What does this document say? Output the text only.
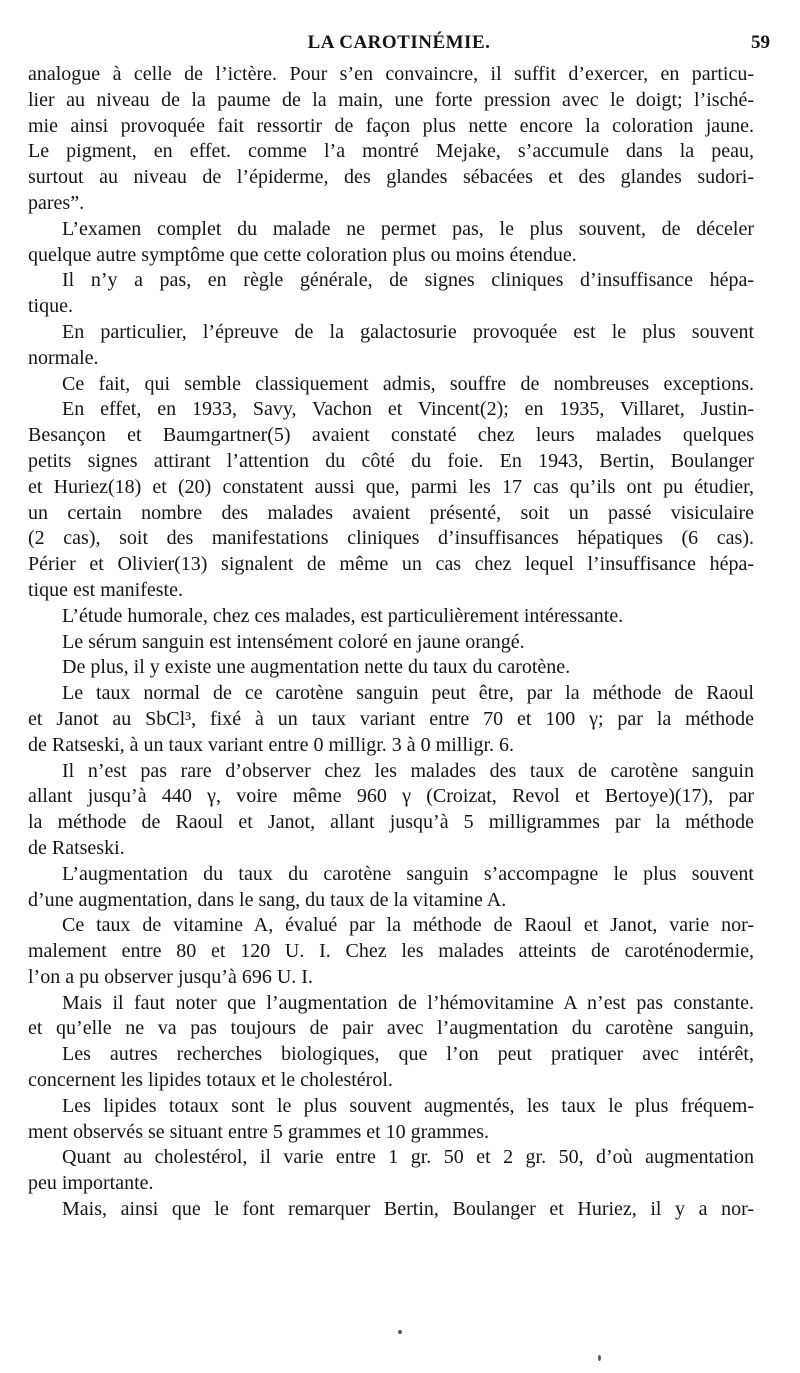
LA CAROTINÉMIE.	59
analogue à celle de l’ictère. Pour s’en convaincre, il suffit d’exercer, en particu-
lier au niveau de la paume de la main, une forte pression avec le doigt; l’isché-
mie ainsi provoquée fait ressortir de façon plus nette encore la coloration jaune.
Le pigment, en effet. comme l’a montré Mejake, s’accumule dans la peau,
surtout au niveau de l’épiderme, des glandes sébacées et des glandes sudori-
pares”.
L’examen complet du malade ne permet pas, le plus souvent, de déceler
quelque autre symptôme que cette coloration plus ou moins étendue.
Il n’y a pas, en règle générale, de signes cliniques d’insuffisance hépa-
tique.
En particulier, l’épreuve de la galactosurie provoquée est le plus souvent
normale.
Ce fait, qui semble classiquement admis, souffre de nombreuses exceptions.
En effet, en 1933, Savy, Vachon et Vincent(2); en 1935, Villaret, Justin-
Besançon et Baumgartner(5) avaient constaté chez leurs malades quelques
petits signes attirant l’attention du côté du foie. En 1943, Bertin, Boulanger
et Huriez(18) et (20) constatent aussi que, parmi les 17 cas qu’ils ont pu étudier,
un certain nombre des malades avaient présenté, soit un passé visiculaire
(2 cas), soit des manifestations cliniques d’insuffisances hépatiques (6 cas).
Périer et Olivier(13) signalent de même un cas chez lequel l’insuffisance hépa-
tique est manifeste.
L’étude humorale, chez ces malades, est particulièrement intéressante.
Le sérum sanguin est intensément coloré en jaune orangé.
De plus, il y existe une augmentation nette du taux du carotène.
Le taux normal de ce carotène sanguin peut être, par la méthode de Raoul
et Janot au SbCl³, fixé à un taux variant entre 70 et 100 γ; par la méthode
de Ratseski, à un taux variant entre 0 milligr. 3 à 0 milligr. 6.
Il n’est pas rare d’observer chez les malades des taux de carotène sanguin
allant jusqu’à 440 γ, voire même 960 γ (Croizat, Revol et Bertoye)(17), par
la méthode de Raoul et Janot, allant jusqu’à 5 milligrammes par la méthode
de Ratseski.
L’augmentation du taux du carotène sanguin s’accompagne le plus souvent
d’une augmentation, dans le sang, du taux de la vitamine A.
Ce taux de vitamine A, évalué par la méthode de Raoul et Janot, varie nor-
malement entre 80 et 120 U. I. Chez les malades atteints de caroténodermie,
l’on a pu observer jusqu’à 696 U. I.
Mais il faut noter que l’augmentation de l’hémovitamine A n’est pas constante.
et qu’elle ne va pas toujours de pair avec l’augmentation du carotène sanguin,
Les autres recherches biologiques, que l’on peut pratiquer avec intérêt,
concernent les lipides totaux et le cholestérol.
Les lipides totaux sont le plus souvent augmentés, les taux le plus fréquem-
ment observés se situant entre 5 grammes et 10 grammes.
Quant au cholestérol, il varie entre 1 gr. 50 et 2 gr. 50, d’où augmentation
peu importante.
Mais, ainsi que le font remarquer Bertin, Boulanger et Huriez, il y a nor-
